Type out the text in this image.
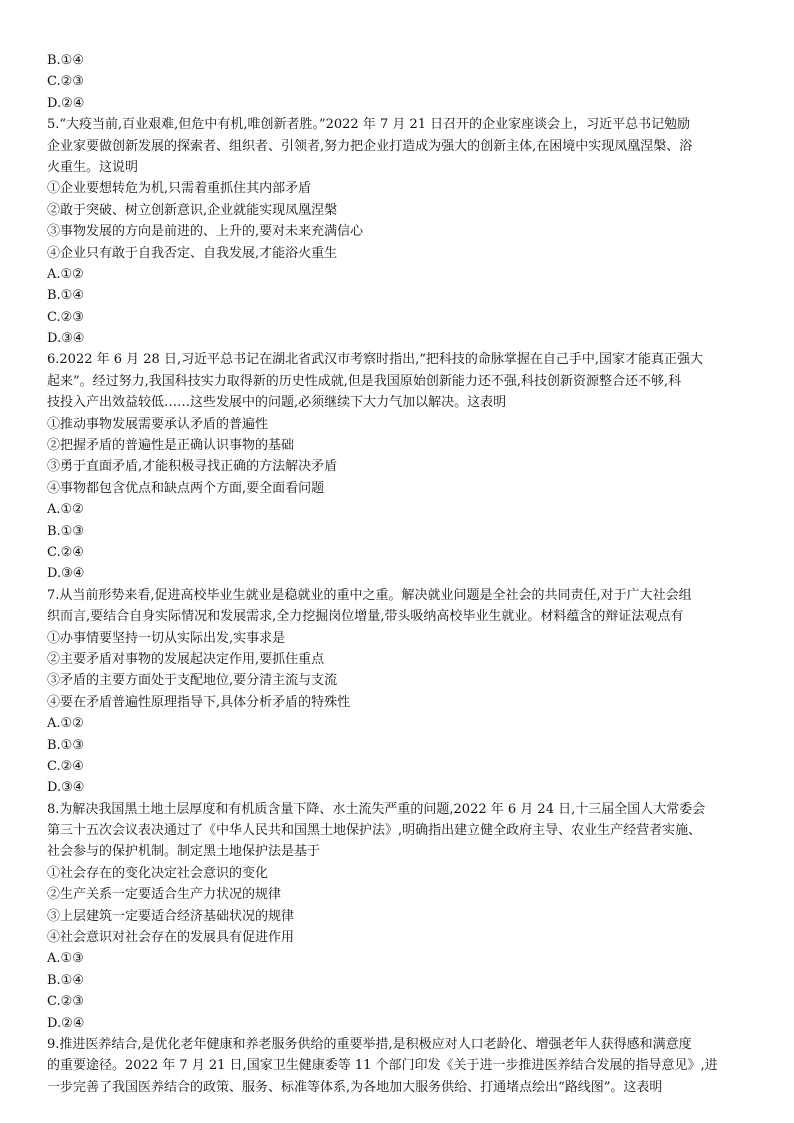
B.①④
C.②③
D.②④
5.“大疫当前,百业艰难,但危中有机,唯创新者胜。”2022 年 7 月 21 日召开的企业家座谈会上，习近平总书记勉励
企业家要做创新发展的探索者、组织者、引领者,努力把企业打造成为强大的创新主体,在困境中实现凤凰涅槃、浴
火重生。这说明
①企业要想转危为机,只需着重抓住其内部矛盾
②敢于突破、树立创新意识,企业就能实现凤凰涅槃
③事物发展的方向是前进的、上升的,要对未来充满信心
④企业只有敢于自我否定、自我发展,才能浴火重生
A.①②
B.①④
C.②③
D.③④
6.2022 年 6 月 28 日,习近平总书记在湖北省武汉市考察时指出,“把科技的命脉掌握在自己手中,国家才能真正强大
起来”。经过努力,我国科技实力取得新的历史性成就,但是我国原始创新能力还不强,科技创新资源整合还不够,科
技投入产出效益较低……这些发展中的问题,必须继续下大力气加以解决。这表明
①推动事物发展需要承认矛盾的普遍性
②把握矛盾的普遍性是正确认识事物的基础
③勇于直面矛盾,才能积极寻找正确的方法解决矛盾
④事物都包含优点和缺点两个方面,要全面看问题
A.①②
B.①③
C.②④
D.③④
7.从当前形势来看,促进高校毕业生就业是稳就业的重中之重。解决就业问题是全社会的共同责任,对于广大社会组
织而言,要结合自身实际情况和发展需求,全力挖掘岗位增量,带头吸纳高校毕业生就业。材料蕴含的辩证法观点有
①办事情要坚持一切从实际出发,实事求是
②主要矛盾对事物的发展起决定作用,要抓住重点
③矛盾的主要方面处于支配地位,要分清主流与支流
④要在矛盾普遍性原理指导下,具体分析矛盾的特殊性
A.①②
B.①③
C.②④
D.③④
8.为解决我国黑土地土层厚度和有机质含量下降、水土流失严重的问题,2022 年 6 月 24 日,十三届全国人大常委会
第三十五次会议表决通过了《中华人民共和国黑土地保护法》,明确指出建立健全政府主导、农业生产经营者实施、
社会参与的保护机制。制定黑土地保护法是基于
①社会存在的变化决定社会意识的变化
②生产关系一定要适合生产力状况的规律
③上层建筑一定要适合经济基础状况的规律
④社会意识对社会存在的发展具有促进作用
A.①③
B.①④
C.②③
D.②④
9.推进医养结合,是优化老年健康和养老服务供给的重要举措,是积极应对人口老龄化、增强老年人获得感和满意度
的重要途径。2022 年 7 月 21 日,国家卫生健康委等 11 个部门印发《关于进一步推进医养结合发展的指导意见》,进
一步完善了我国医养结合的政策、服务、标准等体系,为各地加大服务供给、打通堵点绘出“路线图”。这表明
